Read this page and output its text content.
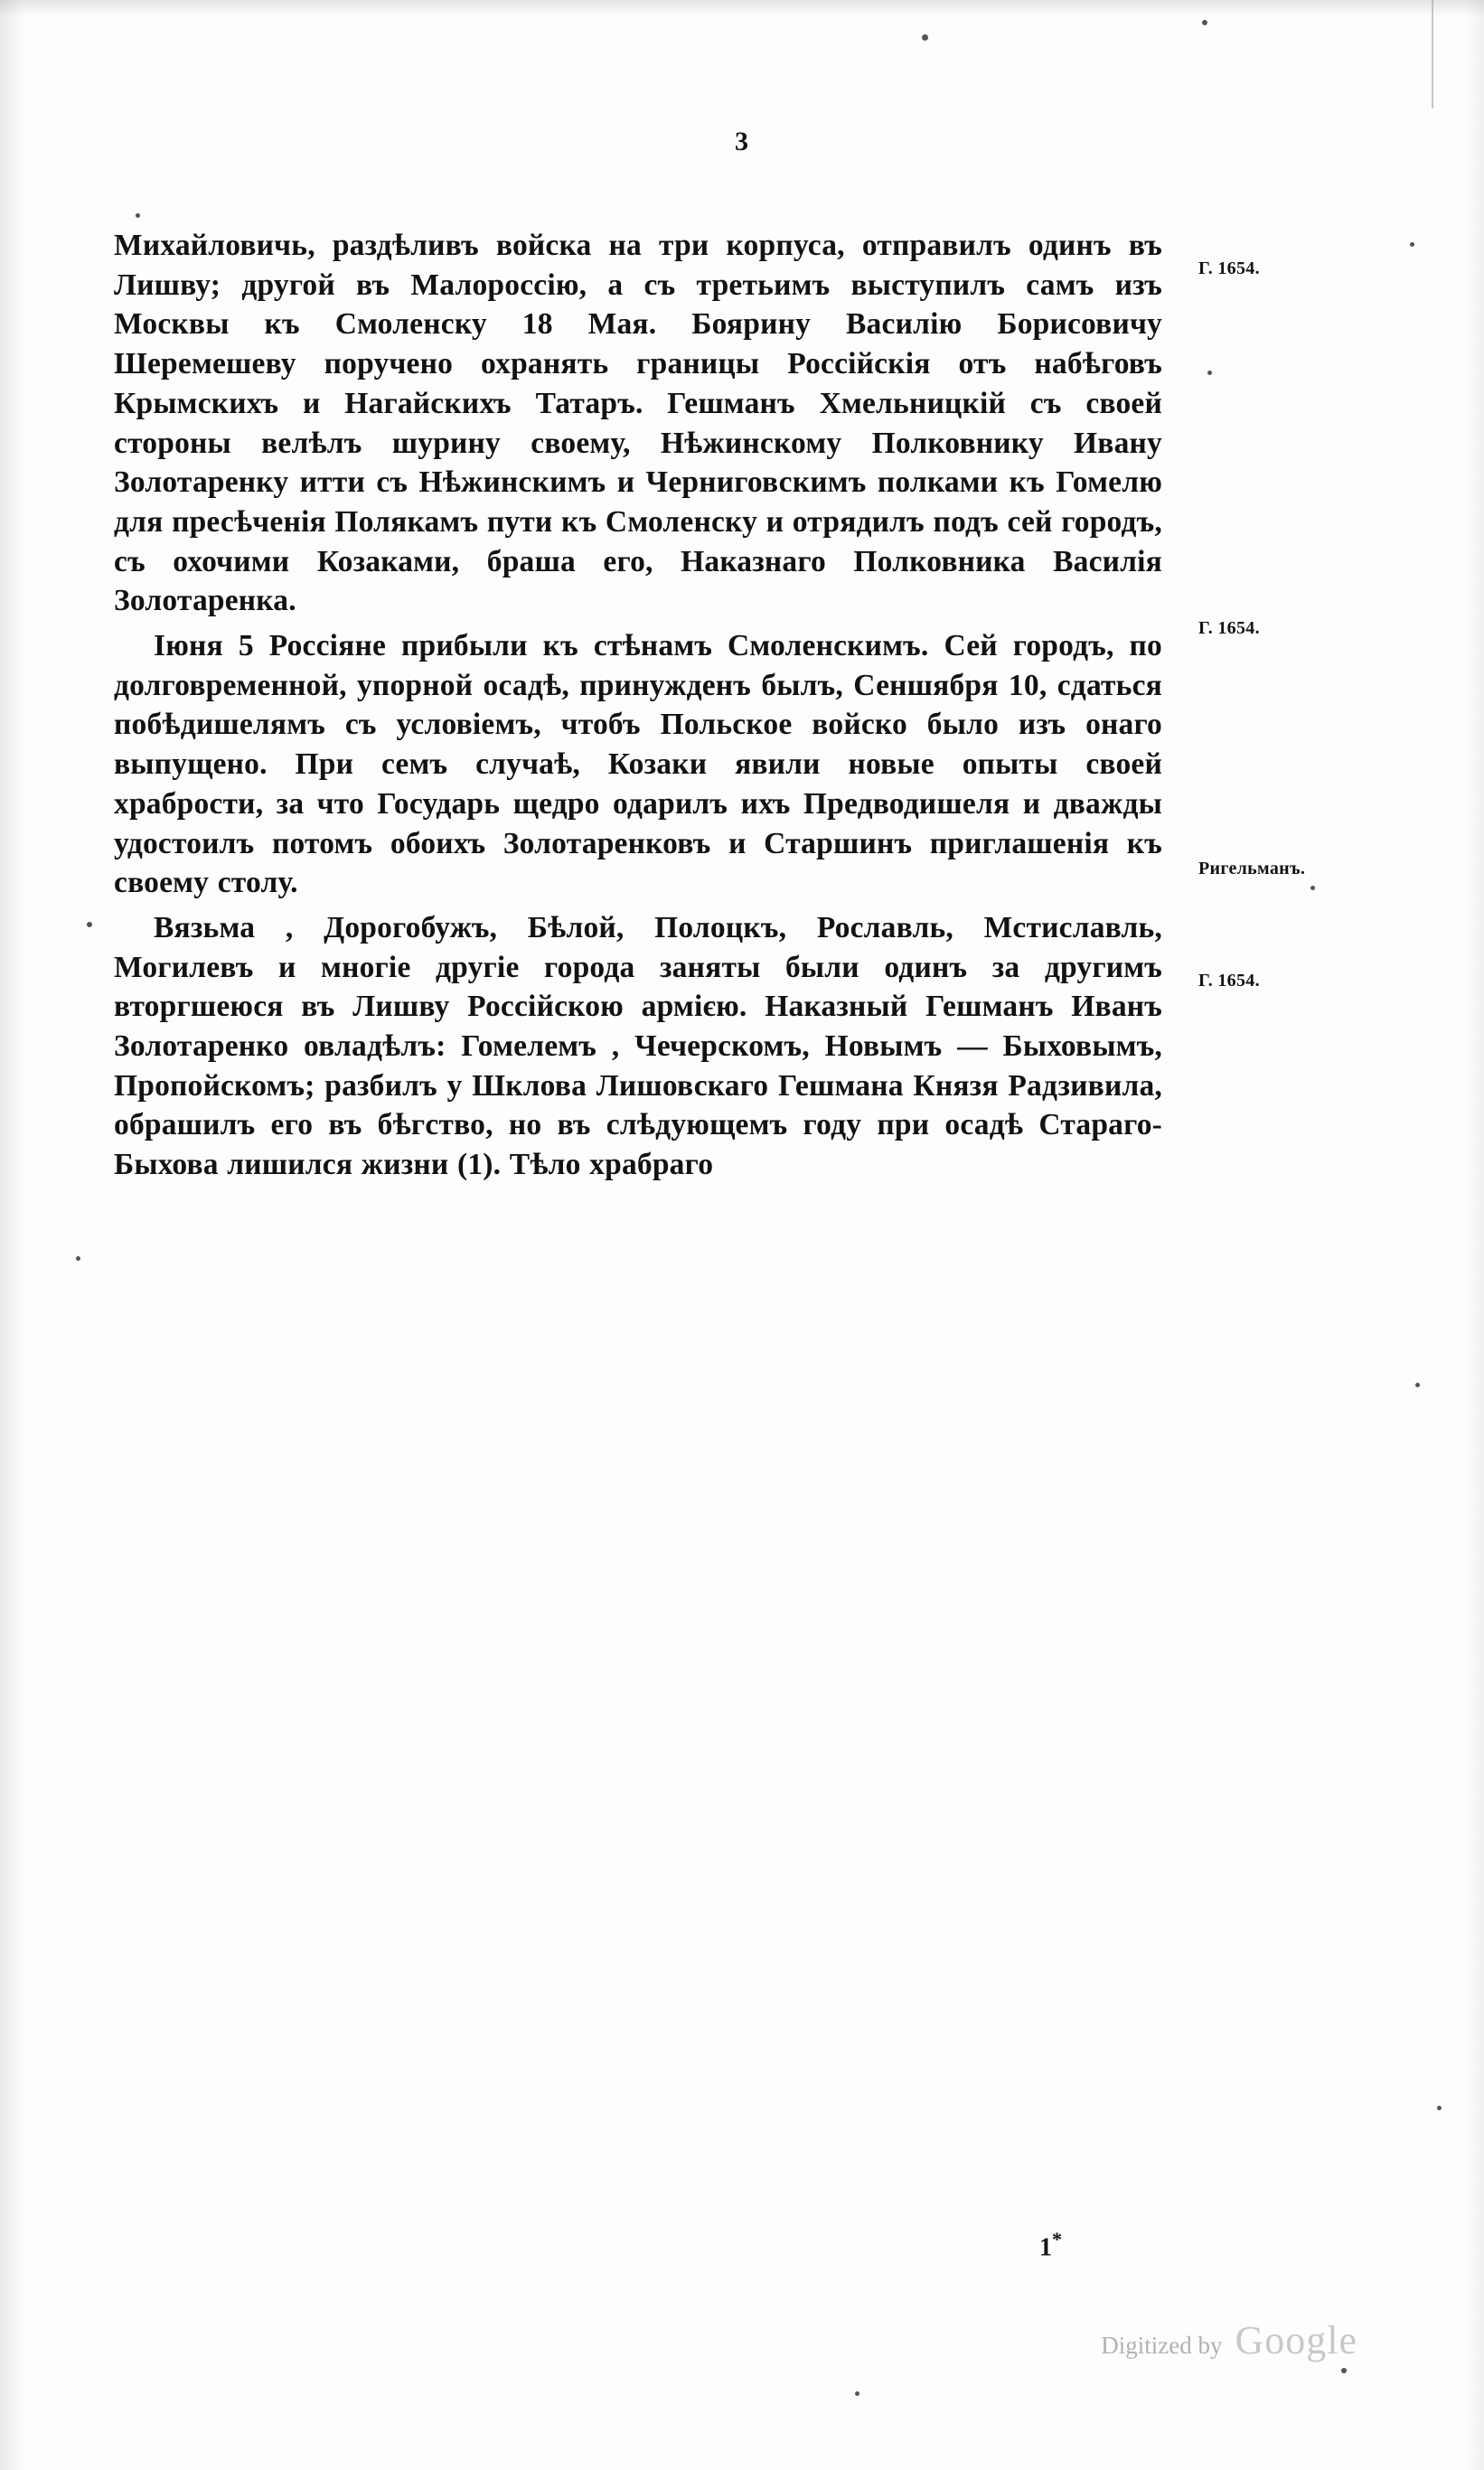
3

Михайловичь, раздѣливъ войска на три корпуса, отправилъ одинъ въ Лишву; другой въ Малороссію, а съ третьимъ выступилъ самъ изъ Москвы къ Смоленску 18 Мая. Боярину Василію Борисовичу Шеремешеву поручено охранять границы Россійскія отъ набѣговъ Крымскихъ и Нагайскихъ Татаръ. Гешманъ Хмельницкій съ своей стороны велѣлъ шурину своему, Нѣжинскому Полковнику Ивану Золотаренку итти съ Нѣжинскимъ и Черниговскимъ полками къ Гомелю для пресѣченія Полякамъ пути къ Смоленску и отрядилъ подъ сей городъ, съ охочими Козаками, браша его, Наказнаго Полковника Василія Золотаренка.

Іюня 5 Россіяне прибыли къ стѣнамъ Смоленскимъ. Сей городъ, по долговременной, упорной осадѣ, принужденъ былъ, Сеншября 10, сдаться побѣдишелямъ съ условіемъ, чтобъ Польское войско было изъ онаго выпущено. При семъ случаѣ, Козаки явили новые опыты своей храбрости, за что Государь щедро одарилъ ихъ Предводишеля и дважды удостоилъ потомъ обоихъ Золотаренковъ и Старшинъ приглашенія къ своему столу.

Вязьма , Дорогобужъ, Бѣлой, Полоцкъ, Рославль, Мстиславль, Могилевъ и многіе другіе города заняты были одинъ за другимъ вторгшеюся въ Лишву Россійскою армією. Наказный Гешманъ Иванъ Золотаренко овладѣлъ: Гомелемъ , Чечерскомъ, Новымъ — Быховымъ, Пропойскомъ; разбилъ у Шклова Лишовскаго Гешмана Князя Радзивила, обрашилъ его въ бѣгство, но въ слѣдующемъ году при осадѣ Стараго-Быхова лишился жизни (1). Тѣло храбраго

Г. 1654.
Г. 1654.
Ригельманъ.
Г. 1654.
1*
Digitized by Google
